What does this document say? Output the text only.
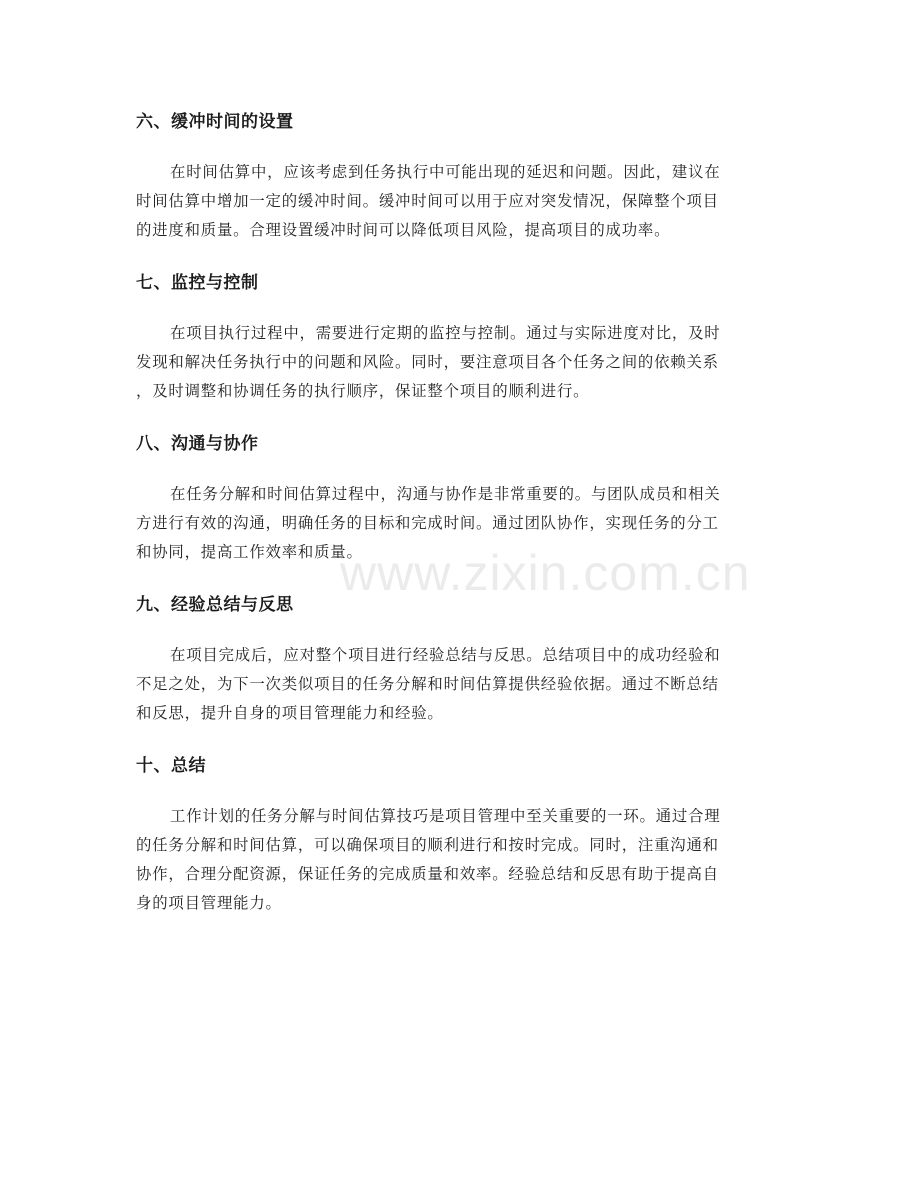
六、缓冲时间的设置

在时间估算中，应该考虑到任务执行中可能出现的延迟和问题。因此，建议在

时间估算中增加一定的缓冲时间。缓冲时间可以用于应对突发情况，保障整个项目

的进度和质量。合理设置缓冲时间可以降低项目风险，提高项目的成功率。

七、监控与控制

在项目执行过程中，需要进行定期的监控与控制。通过与实际进度对比，及时

发现和解决任务执行中的问题和风险。同时，要注意项目各个任务之间的依赖关系

，及时调整和协调任务的执行顺序，保证整个项目的顺利进行。

八、沟通与协作

在任务分解和时间估算过程中，沟通与协作是非常重要的。与团队成员和相关

方进行有效的沟通，明确任务的目标和完成时间。通过团队协作，实现任务的分工

和协同，提高工作效率和质量。

九、经验总结与反思

在项目完成后，应对整个项目进行经验总结与反思。总结项目中的成功经验和

不足之处，为下一次类似项目的任务分解和时间估算提供经验依据。通过不断总结

和反思，提升自身的项目管理能力和经验。

十、总结

工作计划的任务分解与时间估算技巧是项目管理中至关重要的一环。通过合理

的任务分解和时间估算，可以确保项目的顺利进行和按时完成。同时，注重沟通和

协作，合理分配资源，保证任务的完成质量和效率。经验总结和反思有助于提高自

身的项目管理能力。

www.zixin.com.cn
